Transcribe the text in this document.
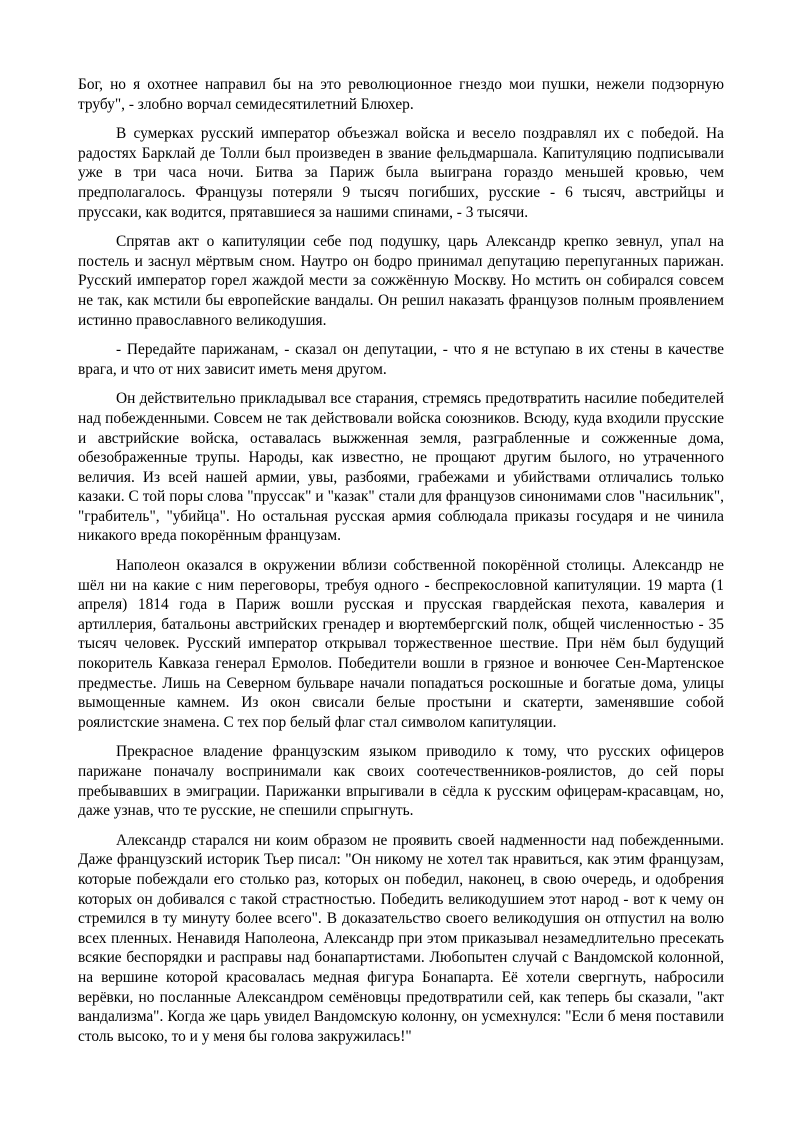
Бог, но я охотнее направил бы на это революционное гнездо мои пушки, нежели подзорную трубу", - злобно ворчал семидесятилетний Блюхер.

В сумерках русский император объезжал войска и весело поздравлял их с победой. На радостях Барклай де Толли был произведен в звание фельдмаршала. Капитуляцию подписывали уже в три часа ночи. Битва за Париж была выиграна гораздо меньшей кровью, чем предполагалось. Французы потеряли 9 тысяч погибших, русские - 6 тысяч, австрийцы и пруссаки, как водится, прятавшиеся за нашими спинами, - 3 тысячи.

Спрятав акт о капитуляции себе под подушку, царь Александр крепко зевнул, упал на постель и заснул мёртвым сном. Наутро он бодро принимал депутацию перепуганных парижан. Русский император горел жаждой мести за сожжённую Москву. Но мстить он собирался совсем не так, как мстили бы европейские вандалы. Он решил наказать французов полным проявлением истинно православного великодушия.

- Передайте парижанам, - сказал он депутации, - что я не вступаю в их стены в качестве врага, и что от них зависит иметь меня другом.

Он действительно прикладывал все старания, стремясь предотвратить насилие победителей над побежденными. Совсем не так действовали войска союзников. Всюду, куда входили прусские и австрийские войска, оставалась выжженная земля, разграбленные и сожженные дома, обезображенные трупы. Народы, как известно, не прощают другим былого, но утраченного величия. Из всей нашей армии, увы, разбоями, грабежами и убийствами отличались только казаки. С той поры слова "пруссак" и "казак" стали для французов синонимами слов "насильник", "грабитель", "убийца". Но остальная русская армия соблюдала приказы государя и не чинила никакого вреда покорённым французам.

Наполеон оказался в окружении вблизи собственной покорённой столицы. Александр не шёл ни на какие с ним переговоры, требуя одного - беспрекословной капитуляции. 19 марта (1 апреля) 1814 года в Париж вошли русская и прусская гвардейская пехота, кавалерия и артиллерия, батальоны австрийских гренадер и вюртембергский полк, общей численностью - 35 тысяч человек. Русский император открывал торжественное шествие. При нём был будущий покоритель Кавказа генерал Ермолов. Победители вошли в грязное и вонючее Сен-Мартенское предместье. Лишь на Северном бульваре начали попадаться роскошные и богатые дома, улицы вымощенные камнем. Из окон свисали белые простыни и скатерти, заменявшие собой роялистские знамена. С тех пор белый флаг стал символом капитуляции.

Прекрасное владение французским языком приводило к тому, что русских офицеров парижане поначалу воспринимали как своих соотечественников-роялистов, до сей поры пребывавших в эмиграции. Парижанки впрыгивали в сёдла к русским офицерам-красавцам, но, даже узнав, что те русские, не спешили спрыгнуть.

Александр старался ни коим образом не проявить своей надменности над побежденными. Даже французский историк Тьер писал: "Он никому не хотел так нравиться, как этим французам, которые побеждали его столько раз, которых он победил, наконец, в свою очередь, и одобрения которых он добивался с такой страстностью. Победить великодушием этот народ - вот к чему он стремился в ту минуту более всего". В доказательство своего великодушия он отпустил на волю всех пленных. Ненавидя Наполеона, Александр при этом приказывал незамедлительно пресекать всякие беспорядки и расправы над бонапартистами. Любопытен случай с Вандомской колонной, на вершине которой красовалась медная фигура Бонапарта. Её хотели свергнуть, набросили верёвки, но посланные Александром семёновцы предотвратили сей, как теперь бы сказали, "акт вандализма". Когда же царь увидел Вандомскую колонну, он усмехнулся: "Если б меня поставили столь высоко, то и у меня бы голова закружилась!"
